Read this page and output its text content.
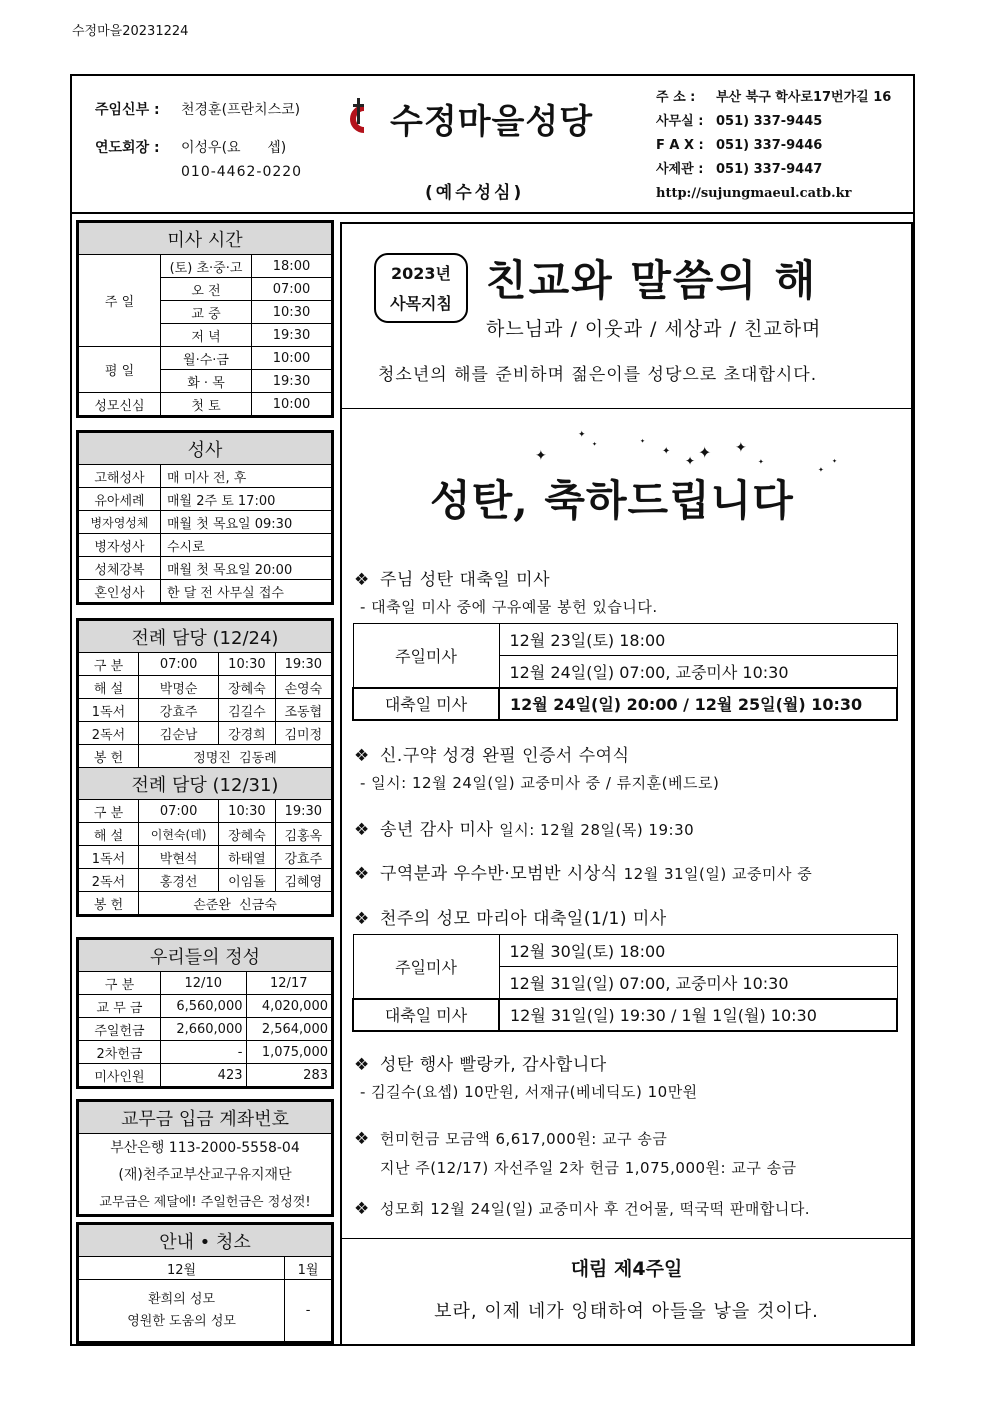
수정마을20231224
주임신부 :	천경훈(프란치스코)
연도회장 :	이성우(요      셉)
010-4462-0220
수정마을성당
(예수성심)
주 소 : 부산 북구 학사로17번가길 16
사무실 : 051) 337-9445
F A X : 051) 337-9446
사제관 : 051) 337-9447
http://sujungmaeul.catb.kr
미사 시간		
주 일	(토) 초·중·고	18:00
	오 전	07:00
	교 중	10:30
	저 녁	19:30
평 일	월·수·금	10:00
	화 · 목	19:30
성모신심	첫 토	10:00
성사	
고해성사	매 미사 전, 후
유아세례	매월 2주 토 17:00
병자영성체	매월 첫 목요일 09:30
병자성사	수시로
성체강복	매월 첫 목요일 20:00
혼인성사	한 달 전 사무실 접수
전례 담당 (12/24)			
구 분	07:00	10:30	19:30
해 설	박명순	장혜숙	손영숙
1독서	강효주	김길수	조동협
2독서	김순남	강경희	김미정
봉 헌	정명진  김동례		
전례 담당 (12/31)			
구 분	07:00	10:30	19:30
해 설	이현숙(데)	장혜숙	김홍옥
1독서	박현석	하태열	강효주
2독서	홍경선	이임돌	김혜영
봉 헌	손준완  신금숙		
우리들의 정성		
구 분	12/10	12/17
교 무 금	6,560,000	4,020,000
주일헌금	2,660,000	2,564,000
2차헌금	-	1,075,000
미사인원	423	283
교무금 입금 계좌번호
부산은행 113-2000-5558-04
(재)천주교부산교구유지재단
교무금은 제달에! 주일헌금은 정성껏!
안내 • 청소	
12월	1월

환희의 성모
영원한 도움의 성모	-
2023년
사목지침 친교와 말씀의 해
하느님과 / 이웃과 / 세상과 / 친교하며
청소년의 해를 준비하며 젊은이를 성당으로 초대합시다.
✦
✦
✦	✦
✦
✦ ✦ ✦
✦
✦
✦
성탄, 축하드립니다
❖ 주님 성탄 대축일 미사
- 대축일 미사 중에 구유예물 봉헌 있습니다.
주일미사	12월 23일(토) 18:00
	12월 24일(일) 07:00, 교중미사 10:30
대축일 미사	12월 24일(일) 20:00 / 12월 25일(월) 10:30
❖ 신.구약 성경 완필 인증서 수여식
- 일시: 12월 24일(일) 교중미사 중 / 류지훈(베드로)
❖ 송년 감사 미사 일시: 12월 28일(목) 19:30
❖ 구역분과 우수반·모범반 시상식 12월 31일(일) 교중미사 중
❖ 천주의 성모 마리아 대축일(1/1) 미사
주일미사	12월 30일(토) 18:00
	12월 31일(일) 07:00, 교중미사 10:30
대축일 미사	12월 31일(일) 19:30 / 1월 1일(월) 10:30
❖ 성탄 행사 빨랑카, 감사합니다
- 김길수(요셉) 10만원, 서재규(베네딕도) 10만원
❖ 헌미헌금 모금액 6,617,000원: 교구 송금
지난 주(12/17) 자선주일 2차 헌금 1,075,000원: 교구 송금
❖ 성모회 12월 24일(일) 교중미사 후 건어물, 떡국떡 판매합니다.
대림 제4주일
보라, 이제 네가 잉태하여 아들을 낳을 것이다.
